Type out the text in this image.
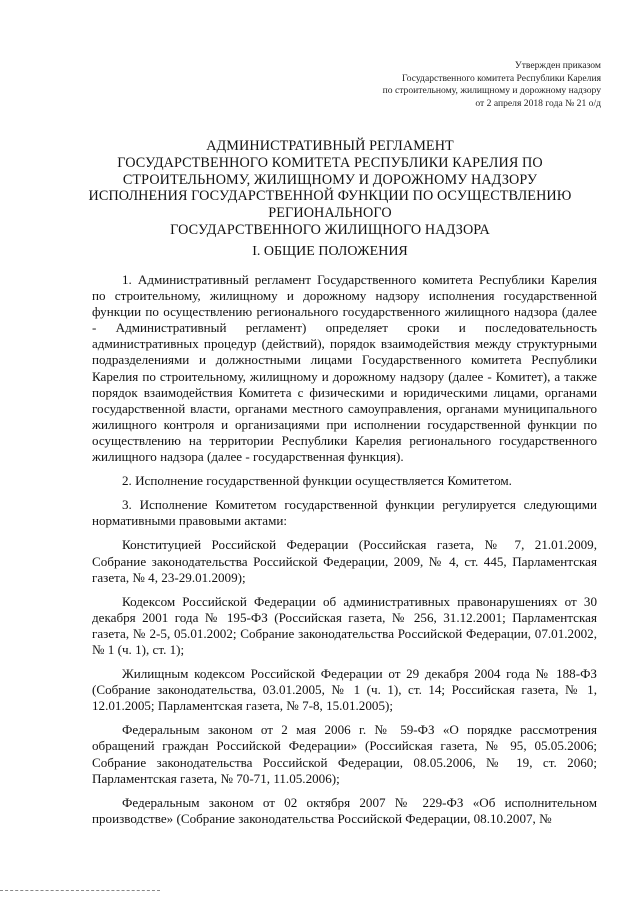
Утвержден приказом
Государственного комитета Республики Карелия
по строительному, жилищному и дорожному надзору
от 2 апреля 2018 года № 21 о/д
АДМИНИСТРАТИВНЫЙ РЕГЛАМЕНТ
ГОСУДАРСТВЕННОГО КОМИТЕТА РЕСПУБЛИКИ КАРЕЛИЯ ПО
СТРОИТЕЛЬНОМУ, ЖИЛИЩНОМУ И ДОРОЖНОМУ НАДЗОРУ
ИСПОЛНЕНИЯ ГОСУДАРСТВЕННОЙ ФУНКЦИИ ПО ОСУЩЕСТВЛЕНИЮ
РЕГИОНАЛЬНОГО
ГОСУДАРСТВЕННОГО ЖИЛИЩНОГО НАДЗОРА
I. ОБЩИЕ ПОЛОЖЕНИЯ

1. Административный регламент Государственного комитета Республики Карелия по строительному, жилищному и дорожному надзору исполнения государственной функции по осуществлению регионального государственного жилищного надзора (далее - Административный регламент) определяет сроки и последовательность административных процедур (действий), порядок взаимодействия между структурными подразделениями и должностными лицами Государственного комитета Республики Карелия по строительному, жилищному и дорожному надзору (далее - Комитет), а также порядок взаимодействия Комитета с физическими и юридическими лицами, органами государственной власти, органами местного самоуправления, органами муниципального жилищного контроля и организациями при исполнении государственной функции по осуществлению на территории Республики Карелия регионального государственного жилищного надзора (далее - государственная функция).

2. Исполнение государственной функции осуществляется Комитетом.

3. Исполнение Комитетом государственной функции регулируется следующими нормативными правовыми актами:

Конституцией Российской Федерации (Российская газета, № 7, 21.01.2009, Собрание законодательства Российской Федерации, 2009, № 4, ст. 445, Парламентская газета, № 4, 23-29.01.2009);

Кодексом Российской Федерации об административных правонарушениях от 30 декабря 2001 года № 195-ФЗ (Российская газета, № 256, 31.12.2001; Парламентская газета, № 2-5, 05.01.2002; Собрание законодательства Российской Федерации, 07.01.2002, № 1 (ч. 1), ст. 1);

Жилищным кодексом Российской Федерации от 29 декабря 2004 года № 188-ФЗ (Собрание законодательства, 03.01.2005, № 1 (ч. 1), ст. 14; Российская газета, № 1, 12.01.2005; Парламентская газета, № 7-8, 15.01.2005);

Федеральным законом от 2 мая 2006 г. № 59-ФЗ «О порядке рассмотрения обращений граждан Российской Федерации» (Российская газета, № 95, 05.05.2006; Собрание законодательства Российской Федерации, 08.05.2006, № 19, ст. 2060; Парламентская газета, № 70-71, 11.05.2006);

Федеральным законом от 02 октября 2007 № 229-ФЗ «Об исполнительном производстве» (Собрание законодательства Российской Федерации, 08.10.2007, №
